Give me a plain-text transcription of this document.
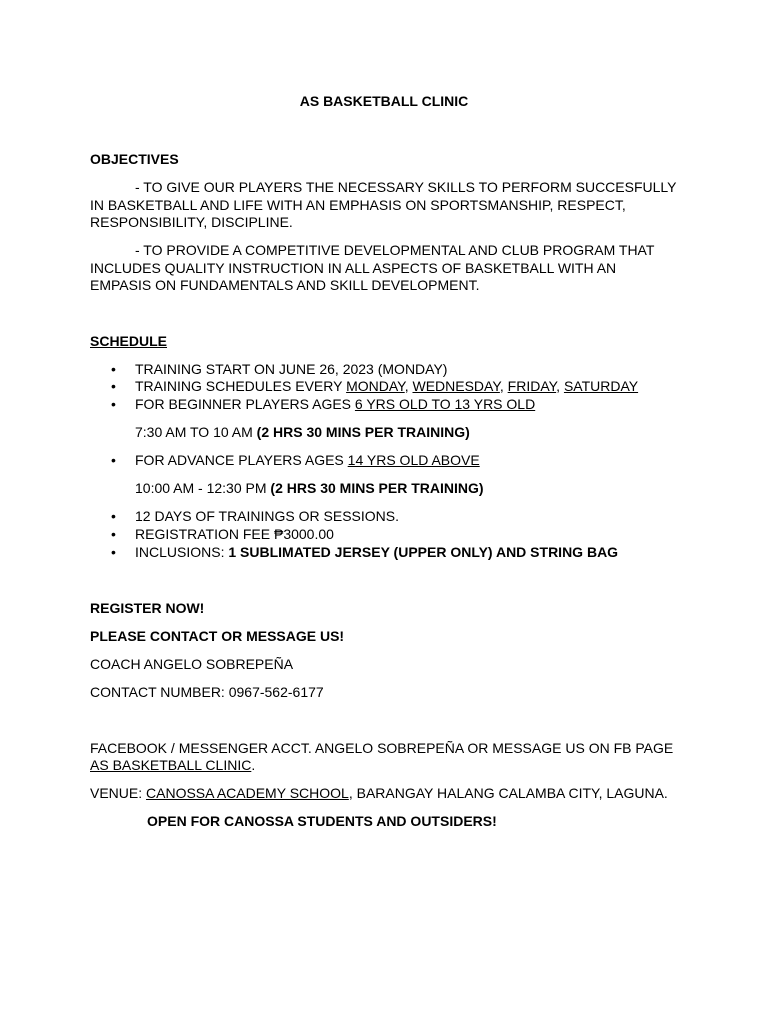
AS BASKETBALL CLINIC
OBJECTIVES
- TO GIVE OUR PLAYERS THE NECESSARY SKILLS TO PERFORM SUCCESFULLY
IN BASKETBALL AND LIFE WITH AN EMPHASIS ON SPORTSMANSHIP, RESPECT,
RESPONSIBILITY, DISCIPLINE.
- TO PROVIDE A COMPETITIVE DEVELOPMENTAL AND CLUB PROGRAM THAT
INCLUDES QUALITY INSTRUCTION IN ALL ASPECTS OF BASKETBALL WITH AN
EMPASIS ON FUNDAMENTALS AND SKILL DEVELOPMENT.
SCHEDULE
• TRAINING START ON JUNE 26, 2023 (MONDAY)
• TRAINING SCHEDULES EVERY MONDAY, WEDNESDAY, FRIDAY, SATURDAY
• FOR BEGINNER PLAYERS AGES 6 YRS OLD TO 13 YRS OLD
7:30 AM TO 10 AM (2 HRS 30 MINS PER TRAINING)
• FOR ADVANCE PLAYERS AGES 14 YRS OLD ABOVE
10:00 AM - 12:30 PM (2 HRS 30 MINS PER TRAINING)
• 12 DAYS OF TRAININGS OR SESSIONS.
• REGISTRATION FEE ₱3000.00
• INCLUSIONS: 1 SUBLIMATED JERSEY (UPPER ONLY) AND STRING BAG
REGISTER NOW!
PLEASE CONTACT OR MESSAGE US!
COACH ANGELO SOBREPEÑA
CONTACT NUMBER: 0967-562-6177
FACEBOOK / MESSENGER ACCT. ANGELO SOBREPEÑA OR MESSAGE US ON FB PAGE
AS BASKETBALL CLINIC.
VENUE: CANOSSA ACADEMY SCHOOL, BARANGAY HALANG CALAMBA CITY, LAGUNA.
OPEN FOR CANOSSA STUDENTS AND OUTSIDERS!
